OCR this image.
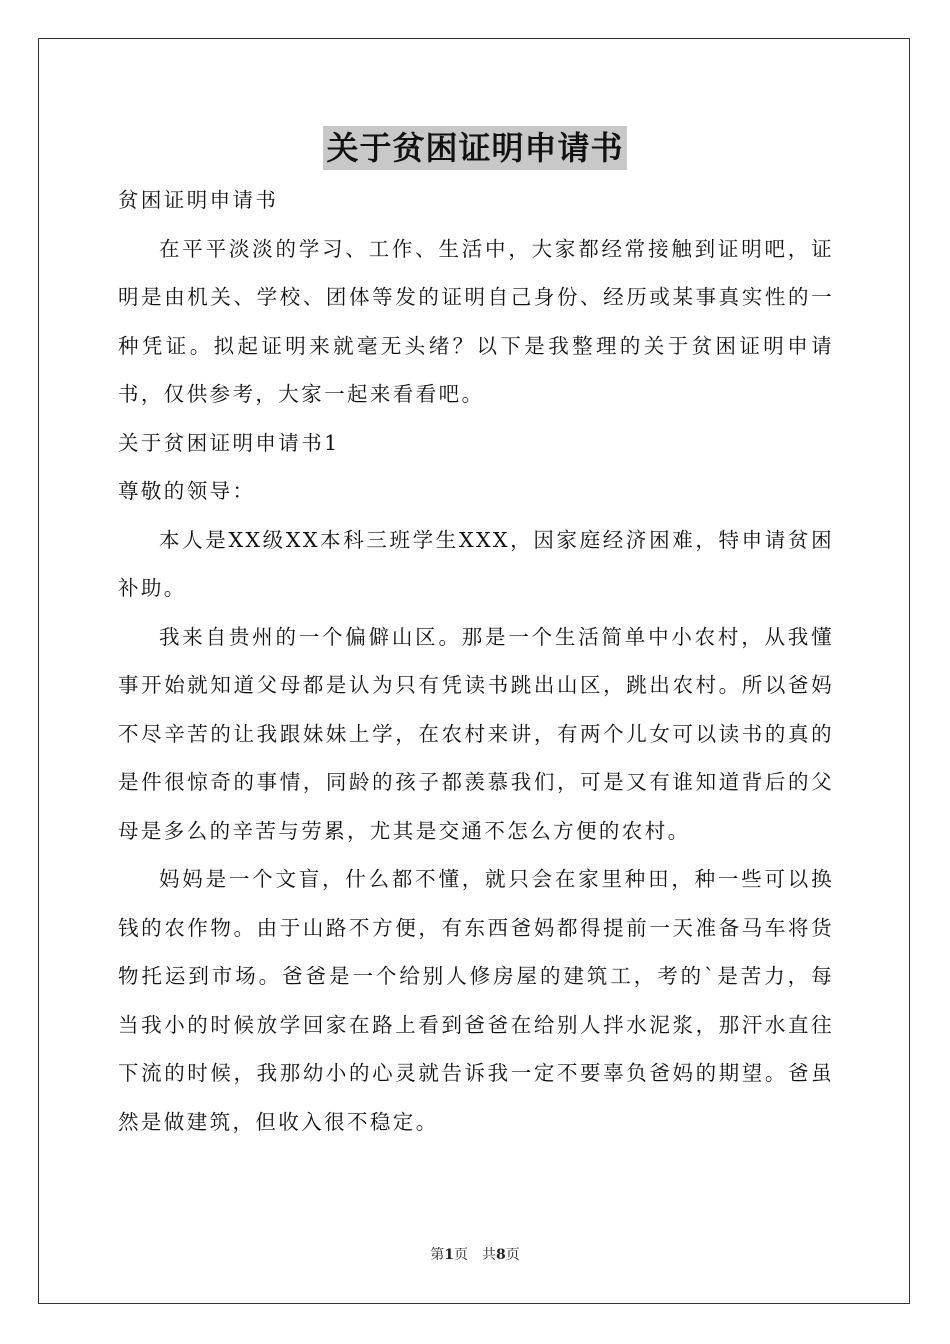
关于贫困证明申请书

贫困证明申请书

在平平淡淡的学习、工作、生活中，大家都经常接触到证明吧，证明是由机关、学校、团体等发的证明自己身份、经历或某事真实性的一种凭证。拟起证明来就毫无头绪？以下是我整理的关于贫困证明申请书，仅供参考，大家一起来看看吧。

关于贫困证明申请书1

尊敬的领导：

本人是XX级XX本科三班学生XXX，因家庭经济困难，特申请贫困补助。

我来自贵州的一个偏僻山区。那是一个生活简单中小农村，从我懂事开始就知道父母都是认为只有凭读书跳出山区，跳出农村。所以爸妈不尽辛苦的让我跟妹妹上学，在农村来讲，有两个儿女可以读书的真的是件很惊奇的事情，同龄的孩子都羡慕我们，可是又有谁知道背后的父母是多么的辛苦与劳累，尤其是交通不怎么方便的农村。

妈妈是一个文盲，什么都不懂，就只会在家里种田，种一些可以换钱的农作物。由于山路不方便，有东西爸妈都得提前一天准备马车将货物托运到市场。爸爸是一个给别人修房屋的建筑工，考的`是苦力，每当我小的时候放学回家在路上看到爸爸在给别人拌水泥浆，那汗水直往下流的时候，我那幼小的心灵就告诉我一定不要辜负爸妈的期望。爸虽然是做建筑，但收入很不稳定。

第1页　共8页
